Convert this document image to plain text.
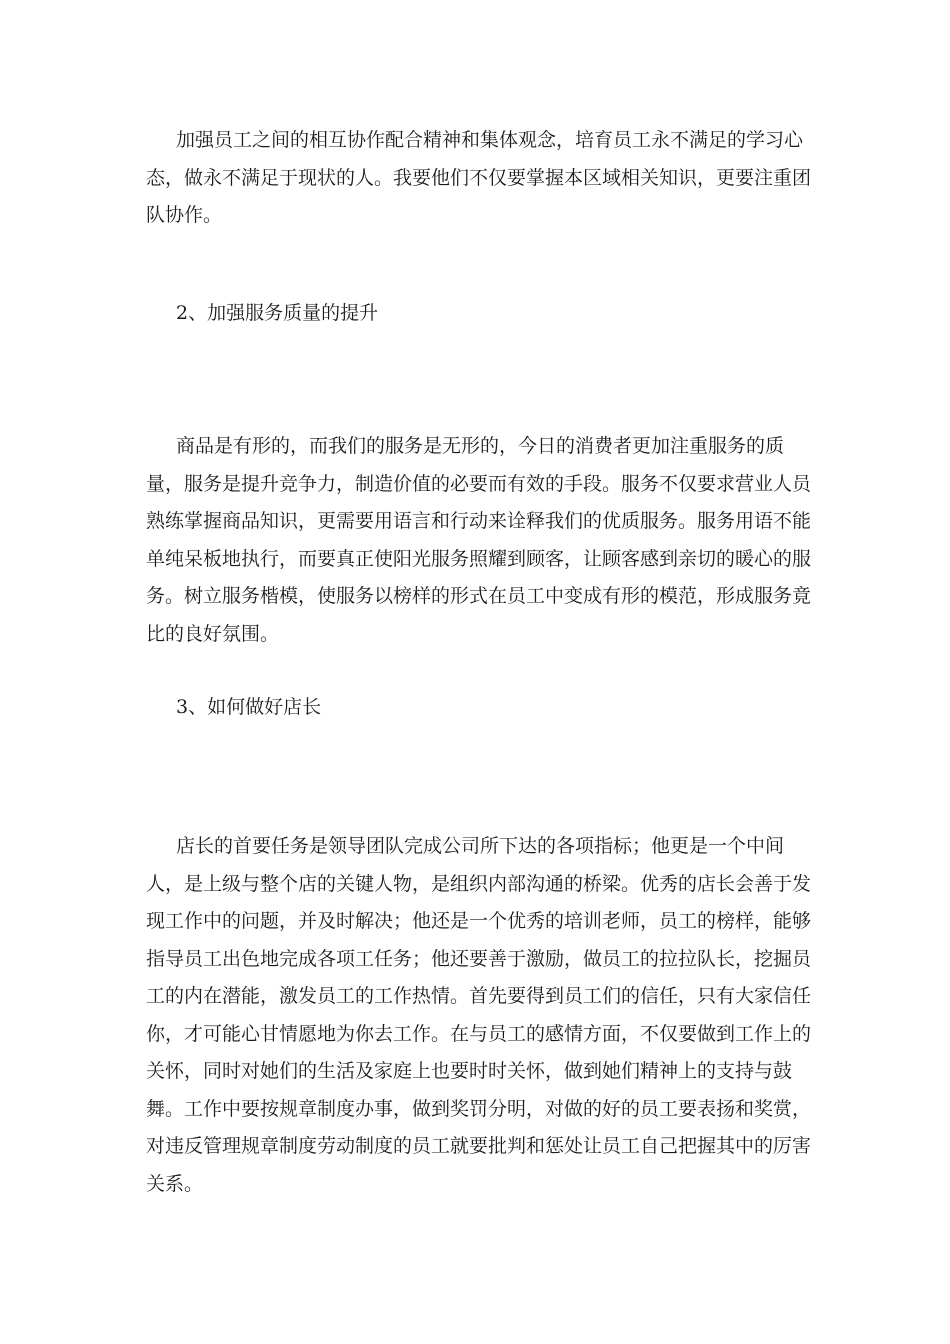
加强员工之间的相互协作配合精神和集体观念，培育员工永不满足的学习心态，做永不满足于现状的人。我要他们不仅要掌握本区域相关知识，更要注重团队协作。

2、加强服务质量的提升

商品是有形的，而我们的服务是无形的，今日的消费者更加注重服务的质量，服务是提升竞争力，制造价值的必要而有效的手段。服务不仅要求营业人员熟练掌握商品知识，更需要用语言和行动来诠释我们的优质服务。服务用语不能单纯呆板地执行，而要真正使阳光服务照耀到顾客，让顾客感到亲切的暖心的服务。树立服务楷模，使服务以榜样的形式在员工中变成有形的模范，形成服务竟比的良好氛围。

3、如何做好店长

店长的首要任务是领导团队完成公司所下达的各项指标；他更是一个中间人，是上级与整个店的关键人物，是组织内部沟通的桥梁。优秀的店长会善于发现工作中的问题，并及时解决；他还是一个优秀的培训老师，员工的榜样，能够指导员工出色地完成各项工任务；他还要善于激励，做员工的拉拉队长，挖掘员工的内在潜能，激发员工的工作热情。首先要得到员工们的信任，只有大家信任你，才可能心甘情愿地为你去工作。在与员工的感情方面，不仅要做到工作上的关怀，同时对她们的生活及家庭上也要时时关怀，做到她们精神上的支持与鼓舞。工作中要按规章制度办事，做到奖罚分明，对做的好的员工要表扬和奖赏，对违反管理规章制度劳动制度的员工就要批判和惩处让员工自己把握其中的厉害关系。
